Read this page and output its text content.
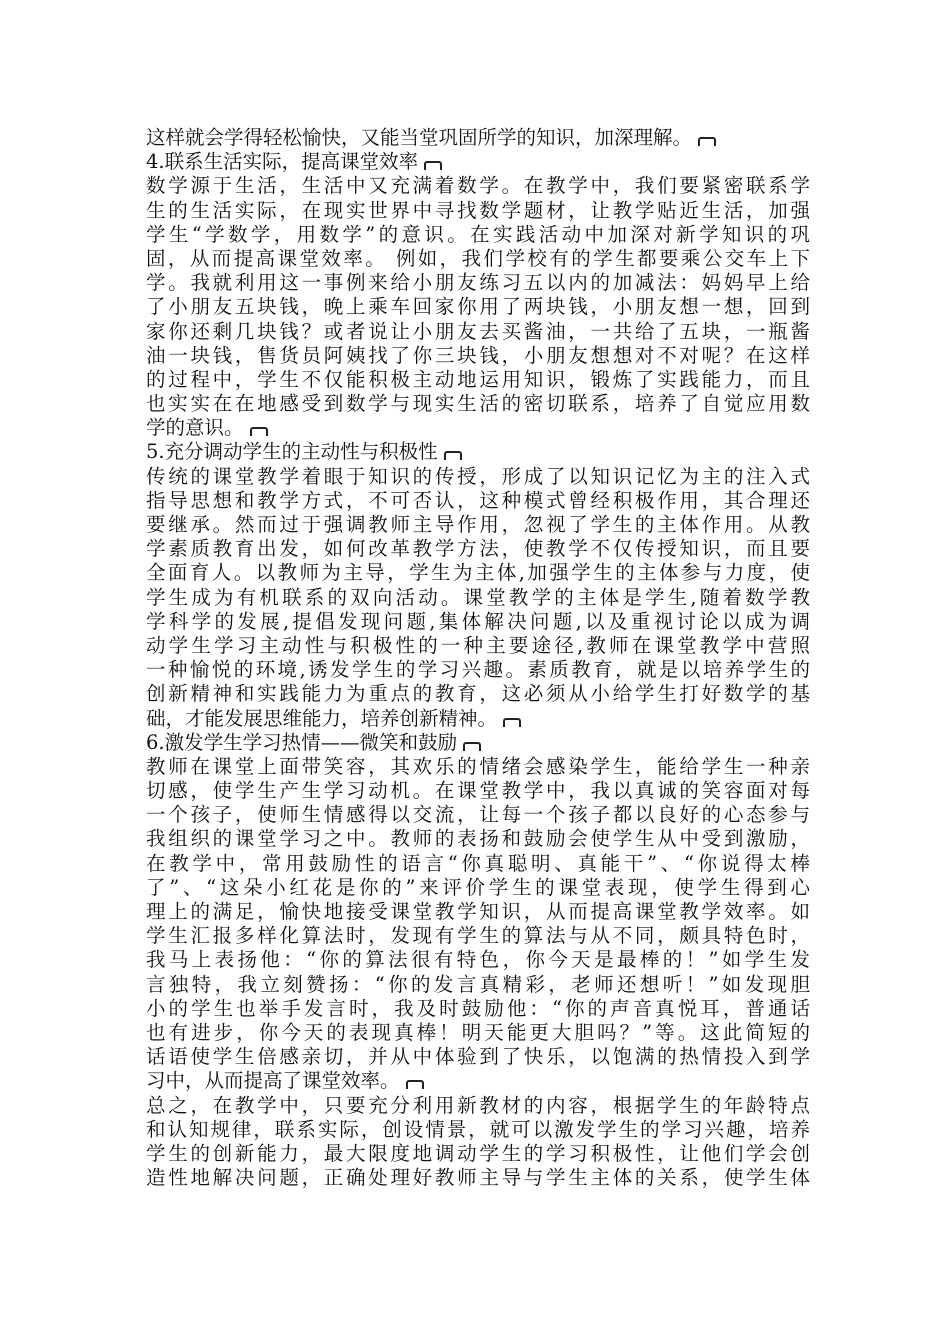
这样就会学得轻松愉快，又能当堂巩固所学的知识，加深理解。
4.联系生活实际，提高课堂效率
数学源于生活，生活中又充满着数学。在教学中，我们要紧密联系学
生的生活实际，在现实世界中寻找数学题材，让教学贴近生活，加强
学生“学数学，用数学”的意识。在实践活动中加深对新学知识的巩
固，从而提高课堂效率。 例如，我们学校有的学生都要乘公交车上下
学。我就利用这一事例来给小朋友练习五以内的加减法：妈妈早上给
了小朋友五块钱，晚上乘车回家你用了两块钱，小朋友想一想，回到
家你还剩几块钱？或者说让小朋友去买酱油，一共给了五块，一瓶酱
油一块钱，售货员阿姨找了你三块钱，小朋友想想对不对呢？在这样
的过程中，学生不仅能积极主动地运用知识，锻炼了实践能力，而且
也实实在在地感受到数学与现实生活的密切联系，培养了自觉应用数
学的意识。
5.充分调动学生的主动性与积极性
传统的课堂教学着眼于知识的传授，形成了以知识记忆为主的注入式
指导思想和教学方式，不可否认，这种模式曾经积极作用，其合理还
要继承。然而过于强调教师主导作用，忽视了学生的主体作用。从教
学素质教育出发，如何改革教学方法，使教学不仅传授知识，而且要
全面育人。以教师为主导，学生为主体,加强学生的主体参与力度，使
学生成为有机联系的双向活动。课堂教学的主体是学生,随着数学教
学科学的发展,提倡发现问题,集体解决问题,以及重视讨论以成为调
动学生学习主动性与积极性的一种主要途径,教师在课堂教学中营照
一种愉悦的环境,诱发学生的学习兴趣。素质教育，就是以培养学生的
创新精神和实践能力为重点的教育，这必须从小给学生打好数学的基
础，才能发展思维能力，培养创新精神。
6.激发学生学习热情——微笑和鼓励
教师在课堂上面带笑容，其欢乐的情绪会感染学生，能给学生一种亲
切感，使学生产生学习动机。在课堂教学中，我以真诚的笑容面对每
一个孩子，使师生情感得以交流，让每一个孩子都以良好的心态参与
我组织的课堂学习之中。教师的表扬和鼓励会使学生从中受到激励，
在教学中，常用鼓励性的语言“你真聪明、真能干”、“你说得太棒
了”、“这朵小红花是你的”来评价学生的课堂表现，使学生得到心
理上的满足，愉快地接受课堂教学知识，从而提高课堂教学效率。如
学生汇报多样化算法时，发现有学生的算法与从不同，颇具特色时，
我马上表扬他：“你的算法很有特色，你今天是最棒的！”如学生发
言独特，我立刻赞扬：“你的发言真精彩，老师还想听！”如发现胆
小的学生也举手发言时，我及时鼓励他：“你的声音真悦耳，普通话
也有进步，你今天的表现真棒！明天能更大胆吗？”等。这此简短的
话语使学生倍感亲切，并从中体验到了快乐，以饱满的热情投入到学
习中，从而提高了课堂效率。
总之，在教学中，只要充分利用新教材的内容，根据学生的年龄特点
和认知规律，联系实际，创设情景，就可以激发学生的学习兴趣，培养
学生的创新能力，最大限度地调动学生的学习积极性，让他们学会创
造性地解决问题，正确处理好教师主导与学生主体的关系，使学生体
